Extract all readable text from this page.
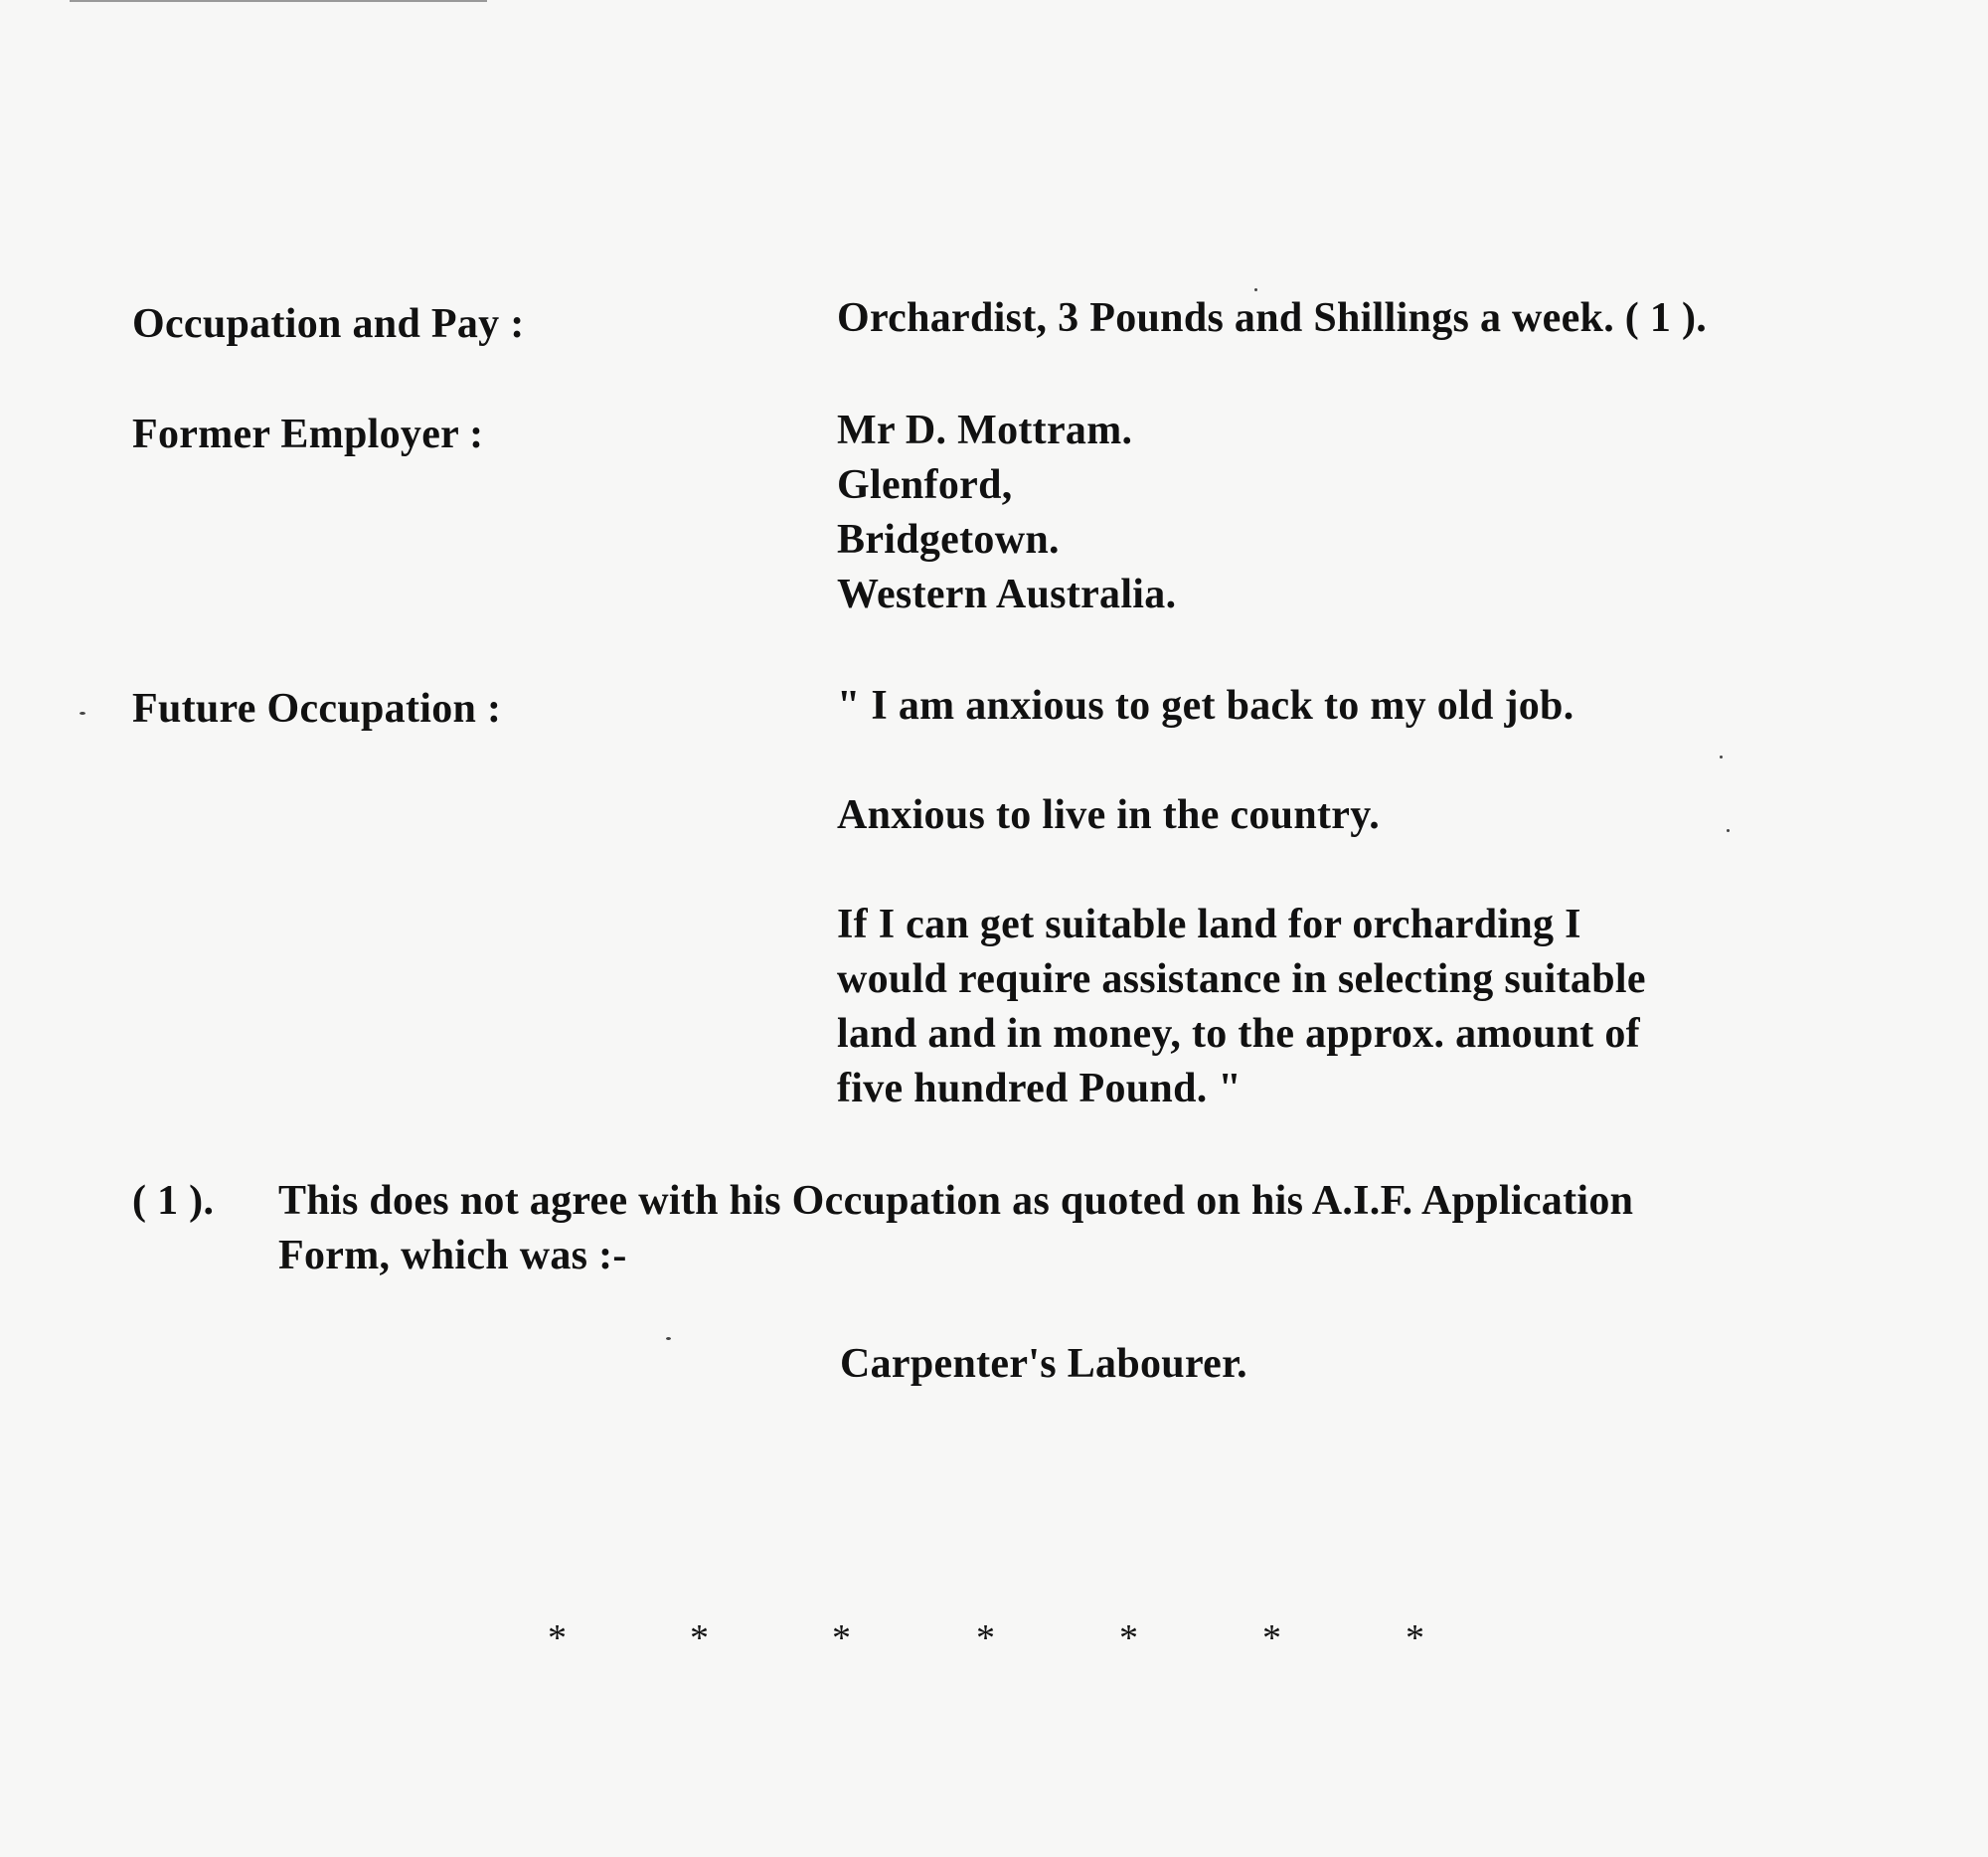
Occupation and Pay :	Orchardist, 3 Pounds and Shillings a week. ( 1 ).
Former Employer :	Mr D. Mottram.
Glenford,
Bridgetown.
Western Australia.
Future Occupation :	" I am anxious to get back to my old job.
Anxious to live in the country.
If I can get suitable land for orcharding I
would require assistance in selecting suitable
land and in money, to the approx. amount of
five hundred Pound. "
( 1 ). This does not agree with his Occupation as quoted on his A.I.F. Application
Form, which was :-
Carpenter's Labourer.
*	*	*	*	*	*	*
